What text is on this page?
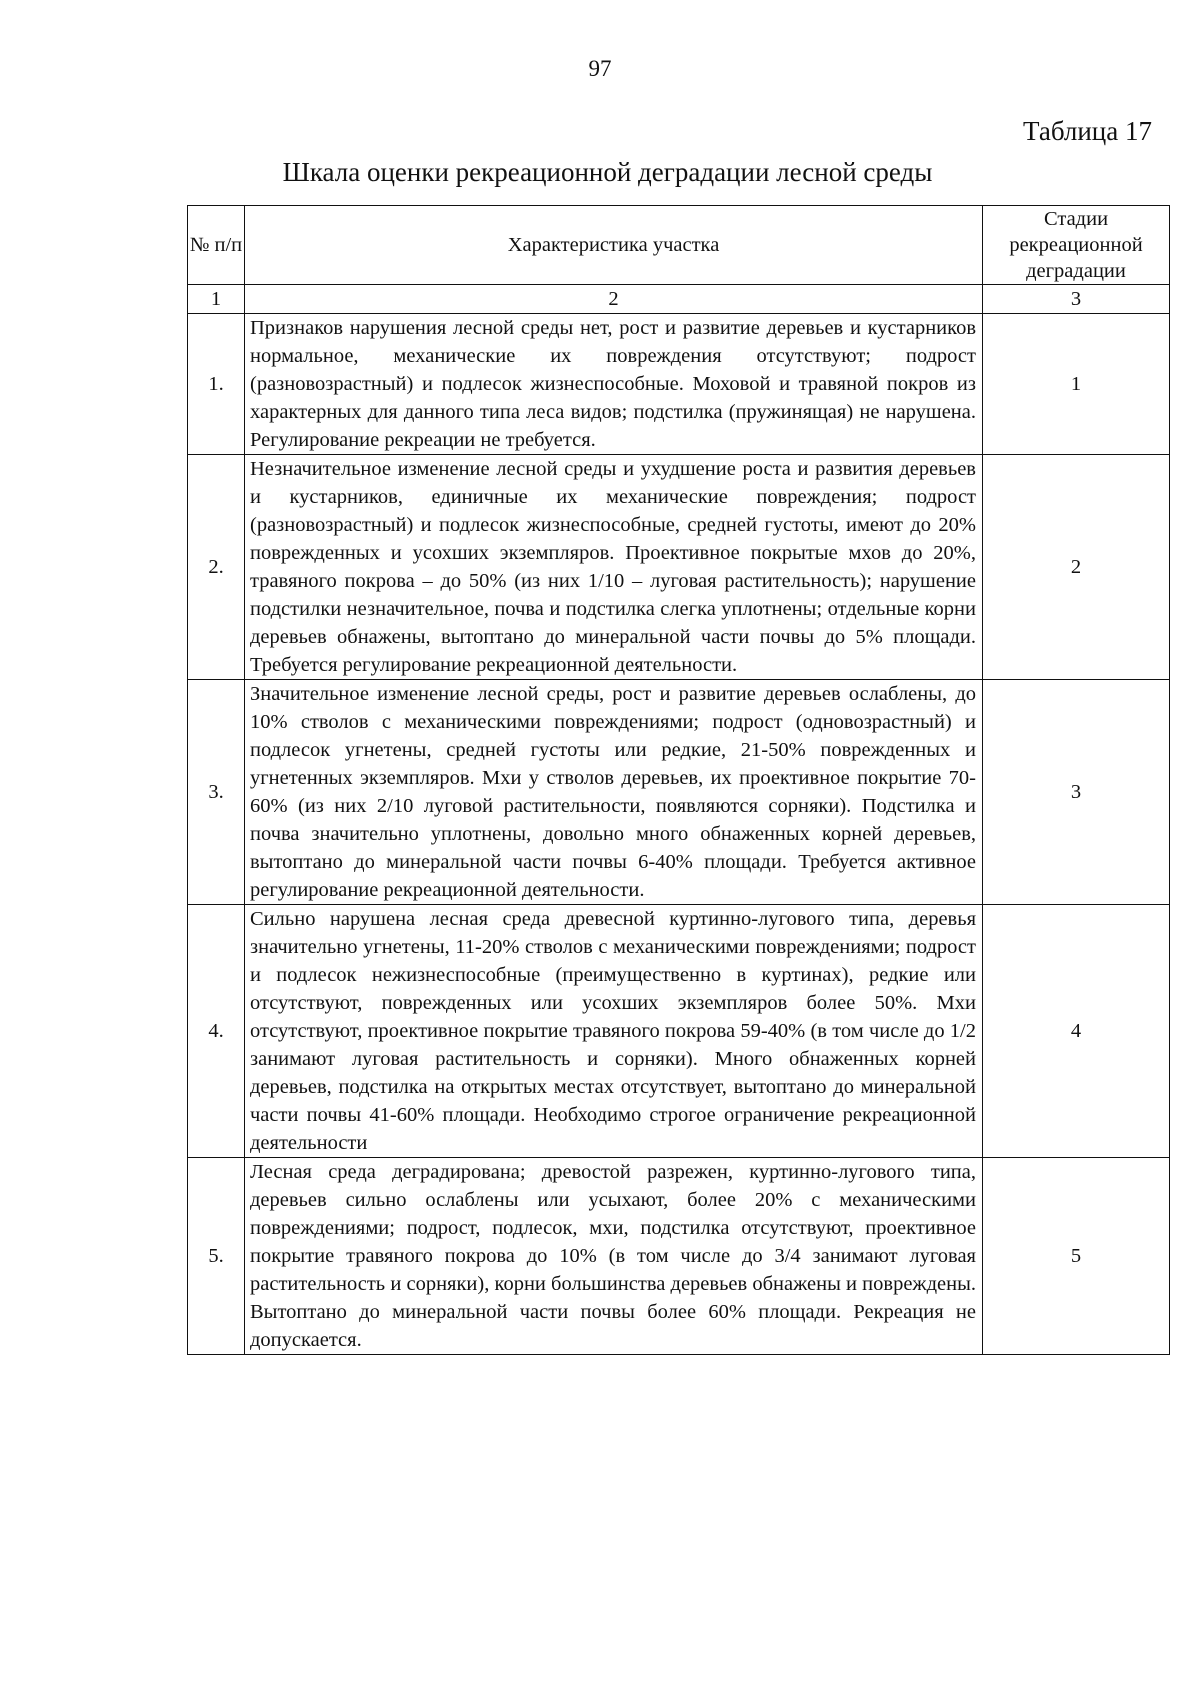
97
Таблица 17
Шкала оценки рекреационной деградации лесной среды
№ п/п	Характеристика участка	Стадии рекреационной деградации
1	2	3
1.	Признаков нарушения лесной среды нет, рост и развитие деревьев и кустарников нормальное, механические их повреждения отсутствуют; подрост (разновозрастный) и подлесок жизнеспособные. Моховой и травяной покров из характерных для данного типа леса видов; подстилка (пружинящая) не нарушена. Регулирование рекреации не требуется.	1
2.	Незначительное изменение лесной среды и ухудшение роста и развития деревьев и кустарников, единичные их механические повреждения; подрост (разновозрастный) и подлесок жизнеспособные, средней густоты, имеют до 20% поврежденных и усохших экземпляров. Проективное покрытые мхов до 20%, травяного покрова – до 50% (из них 1/10 – луговая растительность); нарушение подстилки незначительное, почва и подстилка слегка уплотнены; отдельные корни деревьев обнажены, вытоптано до минеральной части почвы до 5% площади. Требуется регулирование рекреационной деятельности.	2
3.	Значительное изменение лесной среды, рост и развитие деревьев ослаблены, до 10% стволов с механическими повреждениями; подрост (одновозрастный) и подлесок угнетены, средней густоты или редкие, 21-50% поврежденных и угнетенных экземпляров. Мхи у стволов деревьев, их проективное покрытие 70-60% (из них 2/10 луговой растительности, появляются сорняки). Подстилка и почва значительно уплотнены, довольно много обнаженных корней деревьев, вытоптано до минеральной части почвы 6-40% площади. Требуется активное регулирование рекреационной деятельности.	3
4.	Сильно нарушена лесная среда древесной куртинно-лугового типа, деревья значительно угнетены, 11-20% стволов с механическими повреждениями; подрост и подлесок нежизнеспособные (преимущественно в куртинах), редкие или отсутствуют, поврежденных или усохших экземпляров более 50%. Мхи отсутствуют, проективное покрытие травяного покрова 59-40% (в том числе до 1/2 занимают луговая растительность и сорняки). Много обнаженных корней деревьев, подстилка на открытых местах отсутствует, вытоптано до минеральной части почвы 41-60% площади. Необходимо строгое ограничение рекреационной деятельности	4
5.	Лесная среда деградирована; древостой разрежен, куртинно-лугового типа, деревьев сильно ослаблены или усыхают, более 20% с механическими повреждениями; подрост, подлесок, мхи, подстилка отсутствуют, проективное покрытие травяного покрова до 10% (в том числе до 3/4 занимают луговая растительность и сорняки), корни большинства деревьев обнажены и повреждены. Вытоптано до минеральной части почвы более 60% площади. Рекреация не допускается.	5
